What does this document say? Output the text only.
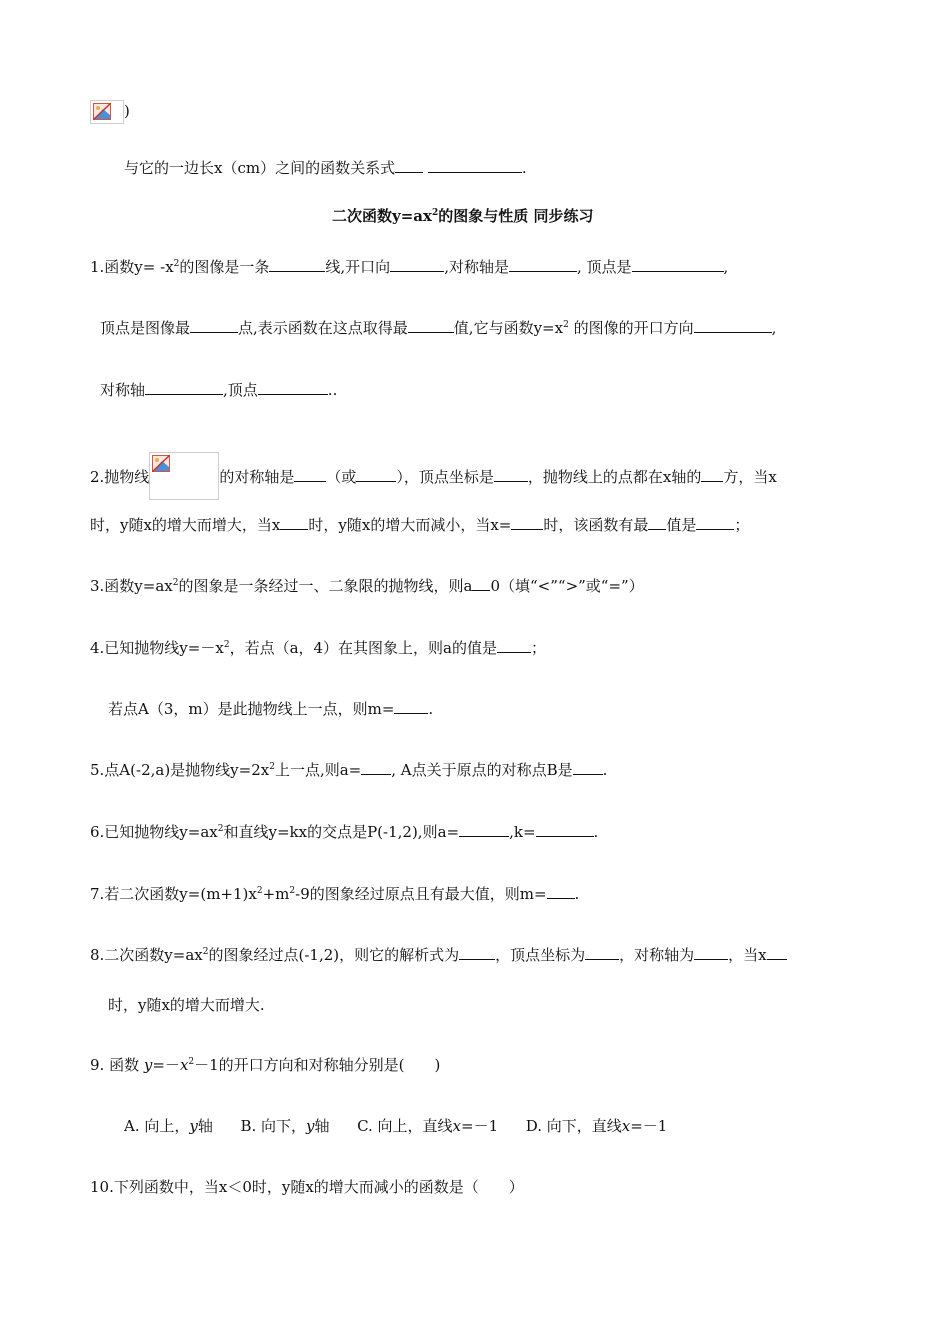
)
与它的一边长x（cm）之间的函数关系式	.
二次函数$y=ax^2$的图象与性质 同步练习
1.函数$y= -x^2$的图像是一条	线,开口向	,对称轴是	, 顶点是	,
顶点是图像最	点,表示函数在这点取得最	值,它与函数$y=x^2$ 的图像的开口方向	,
对称轴	,顶点	..
2.抛物线	的对称轴是 （或	），顶点坐标是 ，抛物线上的点都在x轴的 方，当x
时，y随x的增大而增大，当x 时，y随x的增大而减小，当x= 时，该函数有最 值是	；
3.函数$y=ax^2$的图象是一条经过一、二象限的抛物线，则a 0（填“<”“>”或“=”）
4.已知抛物线$y=-x^2$，若点（a，4）在其图象上，则a的值是 ；
若点A（3，m）是此抛物线上一点，则m= .
5.点A(-2,a)是抛物线$y=2x^2$上一点,则a= , A点关于原点的对称点B是 .
6.已知抛物线$y=ax^2$和直线y=kx的交点是P(-1,2),则a=	,k=	.
7.若二次函数$y=(m+1)x^2+m^2-9$的图象经过原点且有最大值，则m= .
8.二次函数$y=ax^2$的图象经过点(-1,2)，则它的解析式为 ，顶点坐标为 ，对称轴为 ，当x
时，y随x的增大而增大.
9. 函数 $y=-x^2-1$的开口方向和对称轴分别是(　　)
A. 向上，y轴 B. 向下，y轴 C. 向上，直线x=－1 D. 向下，直线x=－1
10.下列函数中，当x＜0时，y随x的增大而减小的函数是（　　）
